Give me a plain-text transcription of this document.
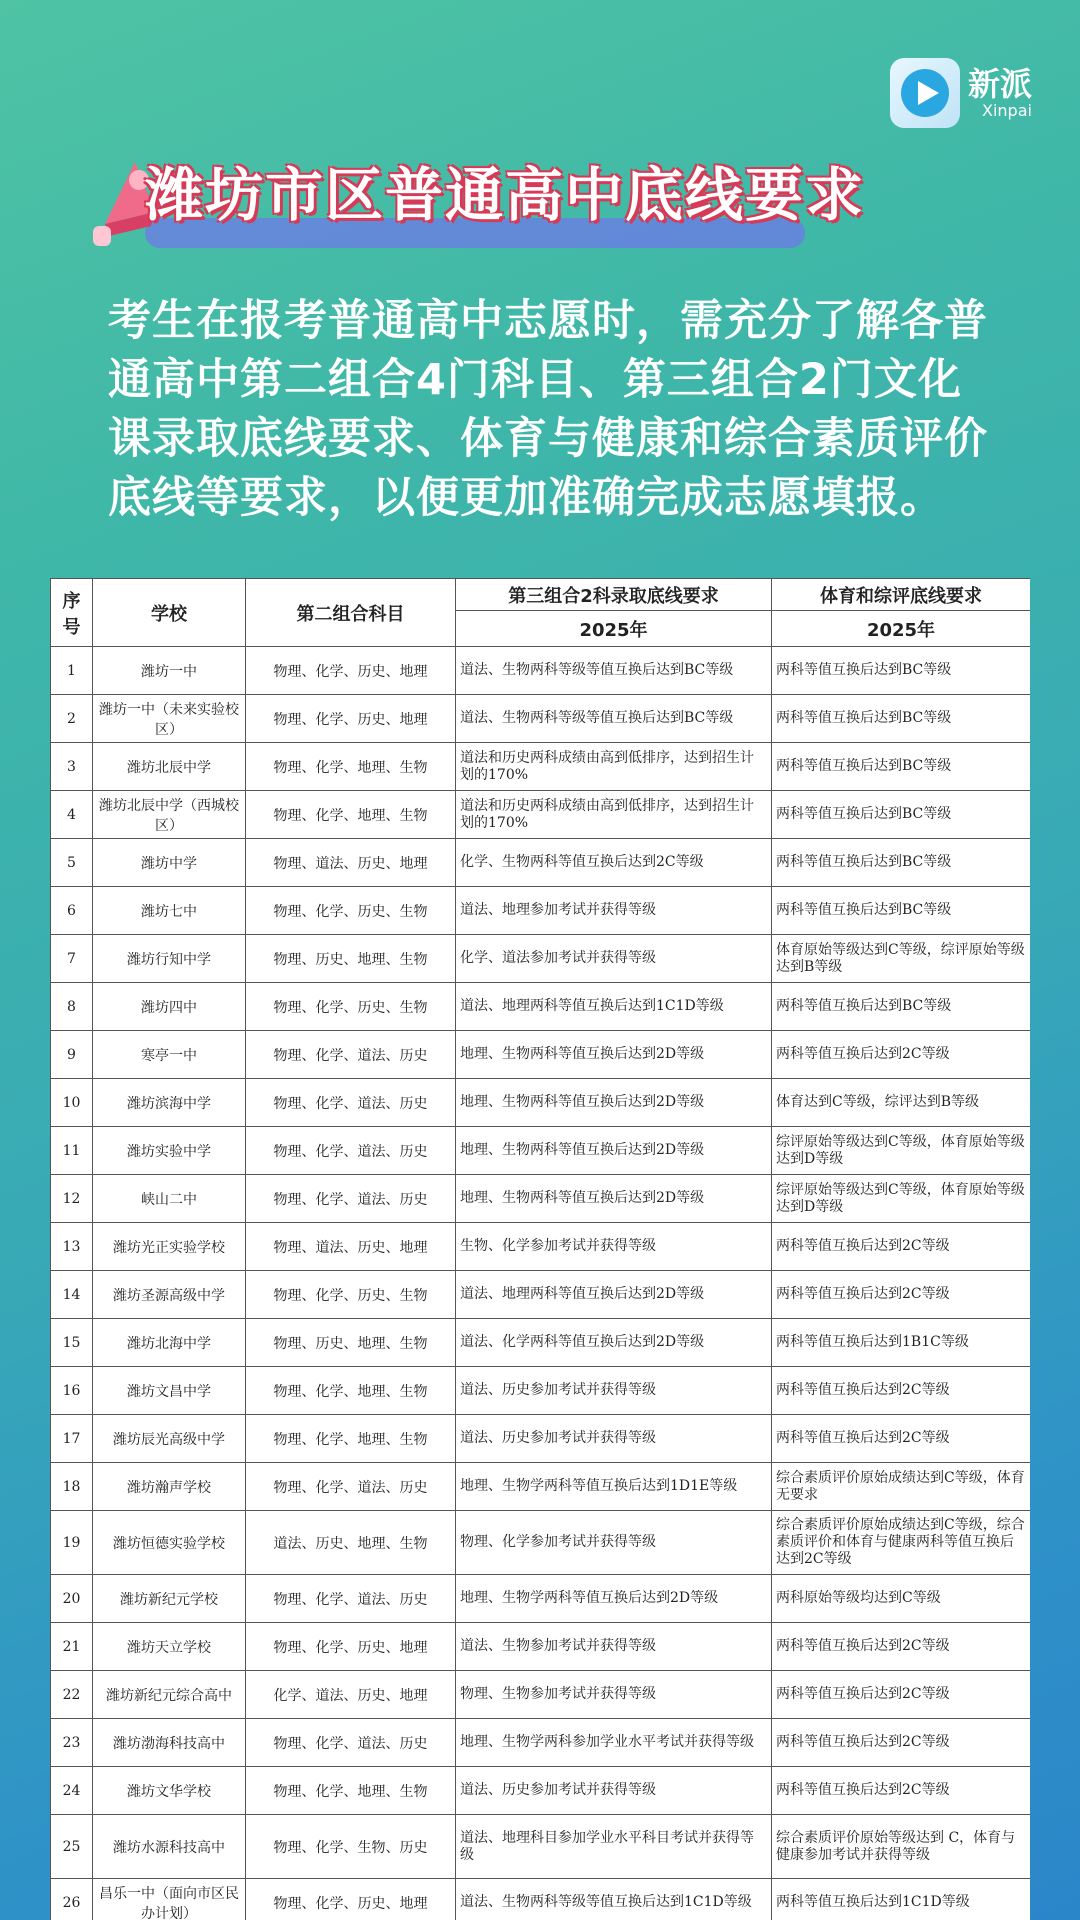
新派
Xinpai
潍坊市区普通高中底线要求
考生在报考普通高中志愿时，需充分了解各普通高中第二组合4门科目、第三组合2门文化课录取底线要求、体育与健康和综合素质评价底线等要求，以便更加准确完成志愿填报。
序号	学校	第二组合科目	第三组合2科录取底线要求	体育和综评底线要求
			2025年	2025年
1	潍坊一中	物理、化学、历史、地理	道法、生物两科等级等值互换后达到BC等级	两科等值互换后达到BC等级
2	潍坊一中（未来实验校区）	物理、化学、历史、地理	道法、生物两科等级等值互换后达到BC等级	两科等值互换后达到BC等级
3	潍坊北辰中学	物理、化学、地理、生物	道法和历史两科成绩由高到低排序，达到招生计划的170%	两科等值互换后达到BC等级
4	潍坊北辰中学（西城校区）	物理、化学、地理、生物	道法和历史两科成绩由高到低排序，达到招生计划的170%	两科等值互换后达到BC等级
5	潍坊中学	物理、道法、历史、地理	化学、生物两科等值互换后达到2C等级	两科等值互换后达到BC等级
6	潍坊七中	物理、化学、历史、生物	道法、地理参加考试并获得等级	两科等值互换后达到BC等级
7	潍坊行知中学	物理、历史、地理、生物	化学、道法参加考试并获得等级	体育原始等级达到C等级，综评原始等级达到B等级
8	潍坊四中	物理、化学、历史、生物	道法、地理两科等值互换后达到1C1D等级	两科等值互换后达到BC等级
9	寒亭一中	物理、化学、道法、历史	地理、生物两科等值互换后达到2D等级	两科等值互换后达到2C等级
10	潍坊滨海中学	物理、化学、道法、历史	地理、生物两科等值互换后达到2D等级	体育达到C等级，综评达到B等级
11	潍坊实验中学	物理、化学、道法、历史	地理、生物两科等值互换后达到2D等级	综评原始等级达到C等级，体育原始等级达到D等级
12	峡山二中	物理、化学、道法、历史	地理、生物两科等值互换后达到2D等级	综评原始等级达到C等级，体育原始等级达到D等级
13	潍坊光正实验学校	物理、道法、历史、地理	生物、化学参加考试并获得等级	两科等值互换后达到2C等级
14	潍坊圣源高级中学	物理、化学、历史、生物	道法、地理两科等值互换后达到2D等级	两科等值互换后达到2C等级
15	潍坊北海中学	物理、历史、地理、生物	道法、化学两科等值互换后达到2D等级	两科等值互换后达到1B1C等级
16	潍坊文昌中学	物理、化学、地理、生物	道法、历史参加考试并获得等级	两科等值互换后达到2C等级
17	潍坊辰光高级中学	物理、化学、地理、生物	道法、历史参加考试并获得等级	两科等值互换后达到2C等级
18	潍坊瀚声学校	物理、化学、道法、历史	地理、生物学两科等值互换后达到1D1E等级	综合素质评价原始成绩达到C等级，体育无要求
19	潍坊恒德实验学校	道法、历史、地理、生物	物理、化学参加考试并获得等级	综合素质评价原始成绩达到C等级，综合素质评价和体育与健康两科等值互换后达到2C等级
20	潍坊新纪元学校	物理、化学、道法、历史	地理、生物学两科等值互换后达到2D等级	两科原始等级均达到C等级
21	潍坊天立学校	物理、化学、历史、地理	道法、生物参加考试并获得等级	两科等值互换后达到2C等级
22	潍坊新纪元综合高中	化学、道法、历史、地理	物理、生物参加考试并获得等级	两科等值互换后达到2C等级
23	潍坊渤海科技高中	物理、化学、道法、历史	地理、生物学两科参加学业水平考试并获得等级	两科等值互换后达到2C等级
24	潍坊文华学校	物理、化学、地理、生物	道法、历史参加考试并获得等级	两科等值互换后达到2C等级
25	潍坊水源科技高中	物理、化学、生物、历史	道法、地理科目参加学业水平科目考试并获得等级	综合素质评价原始等级达到 C，体育与健康参加考试并获得等级
26	昌乐一中（面向市区民办计划）	物理、化学、历史、地理	道法、生物两科等级等值互换后达到1C1D等级	两科等值互换后达到1C1D等级
